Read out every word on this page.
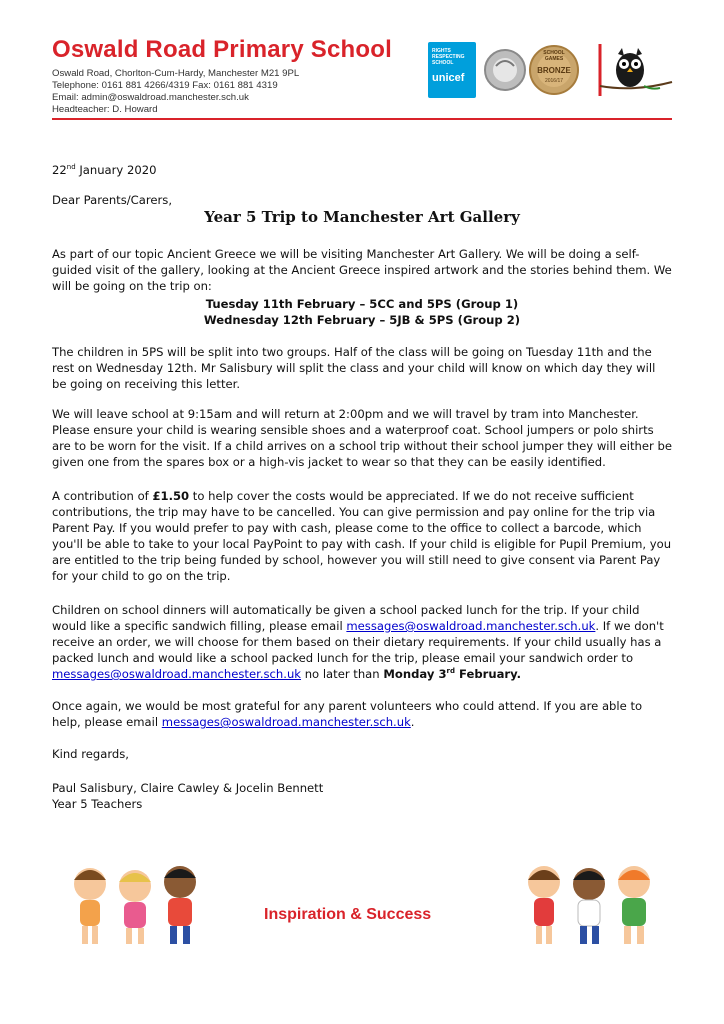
Oswald Road Primary School
Oswald Road, Chorlton-Cum-Hardy, Manchester M21 9PL
Telephone: 0161 881 4266/4319 Fax: 0161 881 4319
Email: admin@oswaldroad.manchester.sch.uk
Headteacher: D. Howard
RIGHTS RESPECTING SCHOOL
unicef
SCHOOL GAMES
BRONZE
2016/17
22nd January 2020
Dear Parents/Carers,
Year 5 Trip to Manchester Art Gallery
As part of our topic Ancient Greece we will be visiting Manchester Art Gallery. We will be doing a self-guided visit of the gallery, looking at the Ancient Greece inspired artwork and the stories behind them. We will be going on the trip on:
Tuesday 11th February – 5CC and 5PS (Group 1)
Wednesday 12th February – 5JB & 5PS (Group 2)
The children in 5PS will be split into two groups. Half of the class will be going on Tuesday 11th and the rest on Wednesday 12th. Mr Salisbury will split the class and your child will know on which day they will be going on receiving this letter.
We will leave school at 9:15am and will return at 2:00pm and we will travel by tram into Manchester. Please ensure your child is wearing sensible shoes and a waterproof coat. School jumpers or polo shirts are to be worn for the visit. If a child arrives on a school trip without their school jumper they will either be given one from the spares box or a high-vis jacket to wear so that they can be easily identified.
A contribution of £1.50 to help cover the costs would be appreciated. If we do not receive sufficient contributions, the trip may have to be cancelled. You can give permission and pay online for the trip via Parent Pay. If you would prefer to pay with cash, please come to the office to collect a barcode, which you'll be able to take to your local PayPoint to pay with cash. If your child is eligible for Pupil Premium, you are entitled to the trip being funded by school, however you will still need to give consent via Parent Pay for your child to go on the trip.
Children on school dinners will automatically be given a school packed lunch for the trip. If your child would like a specific sandwich filling, please email messages@oswaldroad.manchester.sch.uk. If we don't receive an order, we will choose for them based on their dietary requirements. If your child usually has a packed lunch and would like a school packed lunch for the trip, please email your sandwich order to messages@oswaldroad.manchester.sch.uk no later than Monday 3rd February.
Once again, we would be most grateful for any parent volunteers who could attend. If you are able to help, please email messages@oswaldroad.manchester.sch.uk.
Kind regards,
Paul Salisbury, Claire Cawley & Jocelin Bennett
Year 5 Teachers
Inspiration & Success
